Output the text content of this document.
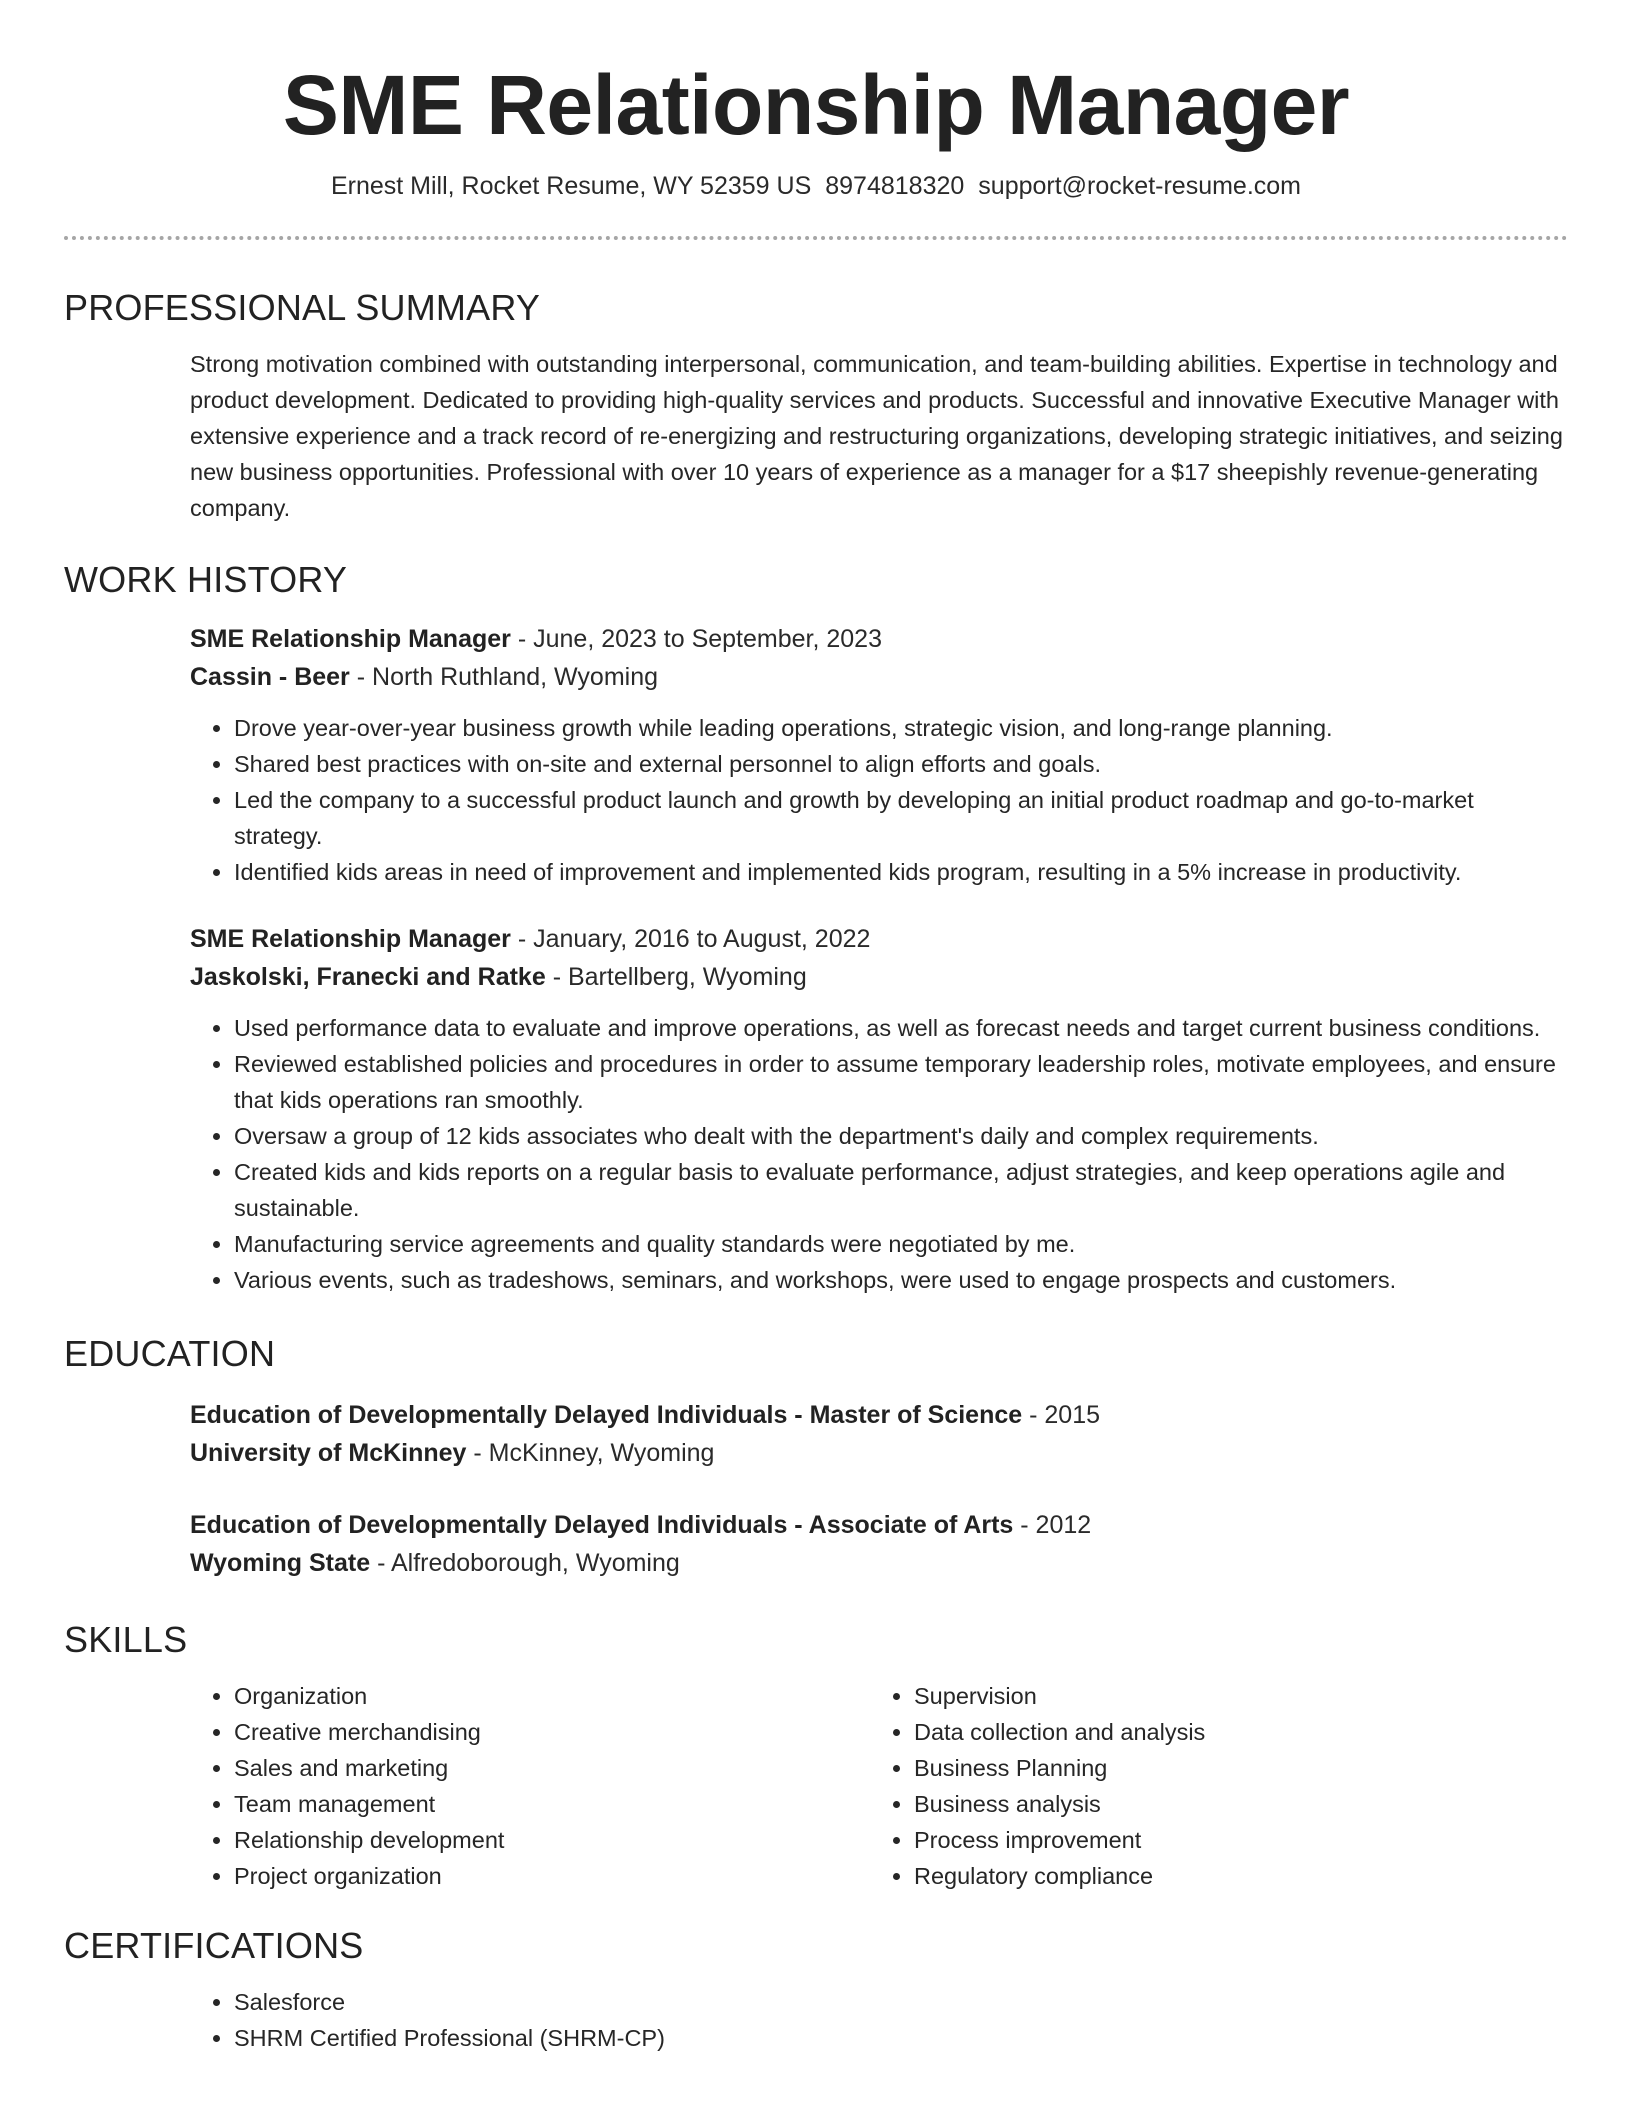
SME Relationship Manager
Ernest Mill, Rocket Resume, WY 52359 US 8974818320 support@rocket-resume.com
PROFESSIONAL SUMMARY
Strong motivation combined with outstanding interpersonal, communication, and team-building abilities. Expertise in technology and product development. Dedicated to providing high-quality services and products. Successful and innovative Executive Manager with extensive experience and a track record of re-energizing and restructuring organizations, developing strategic initiatives, and seizing new business opportunities. Professional with over 10 years of experience as a manager for a $17 sheepishly revenue-generating company.
WORK HISTORY
SME Relationship Manager - June, 2023 to September, 2023
Cassin - Beer - North Ruthland, Wyoming
• Drove year-over-year business growth while leading operations, strategic vision, and long-range planning.
• Shared best practices with on-site and external personnel to align efforts and goals.
• Led the company to a successful product launch and growth by developing an initial product roadmap and go-to-market strategy.
• Identified kids areas in need of improvement and implemented kids program, resulting in a 5% increase in productivity.
SME Relationship Manager - January, 2016 to August, 2022
Jaskolski, Franecki and Ratke - Bartellberg, Wyoming
• Used performance data to evaluate and improve operations, as well as forecast needs and target current business conditions.
• Reviewed established policies and procedures in order to assume temporary leadership roles, motivate employees, and ensure that kids operations ran smoothly.
• Oversaw a group of 12 kids associates who dealt with the department's daily and complex requirements.
• Created kids and kids reports on a regular basis to evaluate performance, adjust strategies, and keep operations agile and sustainable.
• Manufacturing service agreements and quality standards were negotiated by me.
• Various events, such as tradeshows, seminars, and workshops, were used to engage prospects and customers.
EDUCATION
Education of Developmentally Delayed Individuals - Master of Science - 2015
University of McKinney - McKinney, Wyoming
Education of Developmentally Delayed Individuals - Associate of Arts - 2012
Wyoming State - Alfredoborough, Wyoming
SKILLS
• Organization
• Creative merchandising
• Sales and marketing
• Team management
• Relationship development
• Project organization
• Supervision
• Data collection and analysis
• Business Planning
• Business analysis
• Process improvement
• Regulatory compliance
CERTIFICATIONS
• Salesforce
• SHRM Certified Professional (SHRM-CP)
